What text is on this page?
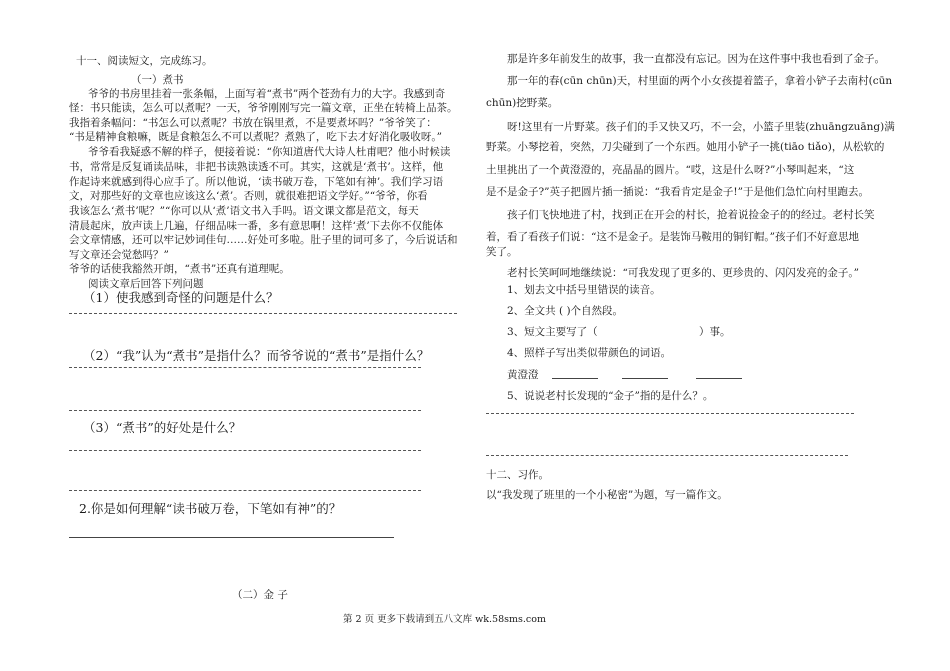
十一、阅读短文，完成练习。
（一）煮书
爷爷的书房里挂着一张条幅，上面写着“煮书”两个苍劲有力的大字。我感到奇
怪：书只能读，怎么可以煮呢？一天，爷爷刚刚写完一篇文章，正坐在转椅上品茶。
我指着条幅问：“书怎么可以煮呢？书放在锅里煮，不是要煮坏吗？”爷爷笑了：
“书是精神食粮嘛，既是食粮怎么不可以煮呢？煮熟了，吃下去才好消化吸收呀。”
爷爷看我疑惑不解的样子，便接着说：“你知道唐代大诗人杜甫吧？他小时候读
书，常常是反复诵读品味，非把书读熟读透不可。其实，这就是‘煮书’。这样，他
作起诗来就感到得心应手了。所以他说，‘读书破万卷，下笔如有神’。我们学习语
文，对那些好的文章也应该这么‘煮’。否则，就很难把语文学好。”“爷爷，你看
我该怎么‘煮书’呢？”“你可以从‘煮’语文书入手吗。语文课文都是范文，每天
清晨起床，放声读上几遍，仔细品味一番，多有意思啊！这样‘煮’下去你不仅能体
会文章情感，还可以牢记妙词佳句……好处可多啦。肚子里的词可多了，今后说话和
写文章还会觉愁吗？”
爷爷的话使我豁然开朗，“煮书”还真有道理呢。
阅读文章后回答下列问题
（1）使我感到奇怪的问题是什么？
（2）“我”认为“煮书”是指什么？而爷爷说的“煮书”是指什么？
（3）“煮书”的好处是什么？
2.你是如何理解“读书破万卷，下笔如有神”的？
（二）金 子
那是许多年前发生的故事，我一直都没有忘记。因为在这件事中我也看到了金子。
那一年的春(cūn chūn)天，村里面的两个小女孩提着篮子，拿着小铲子去南村(cūn
chūn)挖野菜。
呀!这里有一片野菜。孩子们的手又快又巧，不一会，小篮子里装(zhuāngzuāng)满
野菜。小琴挖着，突然，刀尖碰到了一个东西。她用小铲子一挑(tiāo tiǎo)，从松软的
土里挑出了一个黄澄澄的，亮晶晶的圆片。“哎，这是什么呀?”小琴叫起来，“这
是不是金子?”英子把圆片插一插说：“我看肯定是金子!”于是他们急忙向村里跑去。
孩子们飞快地进了村，找到正在开会的村长，抢着说捡金子的的经过。老村长笑
着，看了看孩子们说：“这不是金子。是装饰马鞍用的铜钉帽。”孩子们不好意思地
笑了。
老村长笑呵呵地继续说：“可我发现了更多的、更珍贵的、闪闪发亮的金子。”
1、划去文中括号里错误的读音。
2、全文共 ( )个自然段。
3、短文主要写了（	）事。
4、照样子写出类似带颜色的词语。
黄澄澄
5、说说老村长发现的“金子”指的是什么？。
十二、习作。
以“我发现了班里的一个小秘密”为题，写一篇作文。
第 2 页 更多下载请到五八文库 wk.58sms.com
